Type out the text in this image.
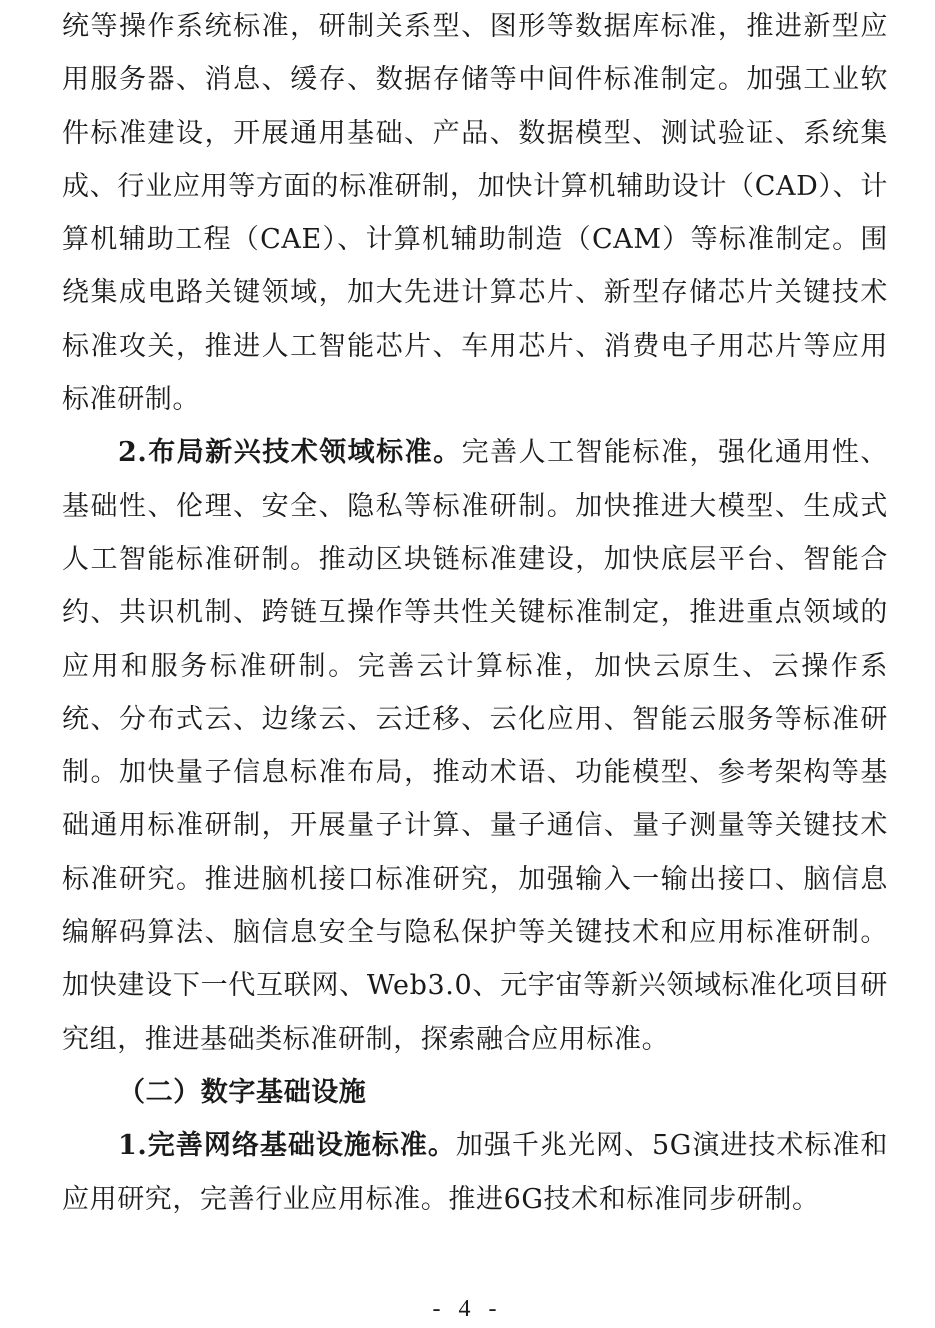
统等操作系统标准，研制关系型、图形等数据库标准，推进新型应用服务器、消息、缓存、数据存储等中间件标准制定。加强工业软件标准建设，开展通用基础、产品、数据模型、测试验证、系统集成、行业应用等方面的标准研制，加快计算机辅助设计（CAD）、计算机辅助工程（CAE）、计算机辅助制造（CAM）等标准制定。围绕集成电路关键领域，加大先进计算芯片、新型存储芯片关键技术标准攻关，推进人工智能芯片、车用芯片、消费电子用芯片等应用标准研制。

2.布局新兴技术领域标准。完善人工智能标准，强化通用性、基础性、伦理、安全、隐私等标准研制。加快推进大模型、生成式人工智能标准研制。推动区块链标准建设，加快底层平台、智能合约、共识机制、跨链互操作等共性关键标准制定，推进重点领域的应用和服务标准研制。完善云计算标准，加快云原生、云操作系统、分布式云、边缘云、云迁移、云化应用、智能云服务等标准研制。加快量子信息标准布局，推动术语、功能模型、参考架构等基础通用标准研制，开展量子计算、量子通信、量子测量等关键技术标准研究。推进脑机接口标准研究，加强输入一输出接口、脑信息编解码算法、脑信息安全与隐私保护等关键技术和应用标准研制。加快建设下一代互联网、Web3.0、元宇宙等新兴领域标准化项目研究组，推进基础类标准研制，探索融合应用标准。

（二）数字基础设施

1.完善网络基础设施标准。加强千兆光网、5G演进技术标准和应用研究，完善行业应用标准。推进6G技术和标准同步研制。

- 4 -
